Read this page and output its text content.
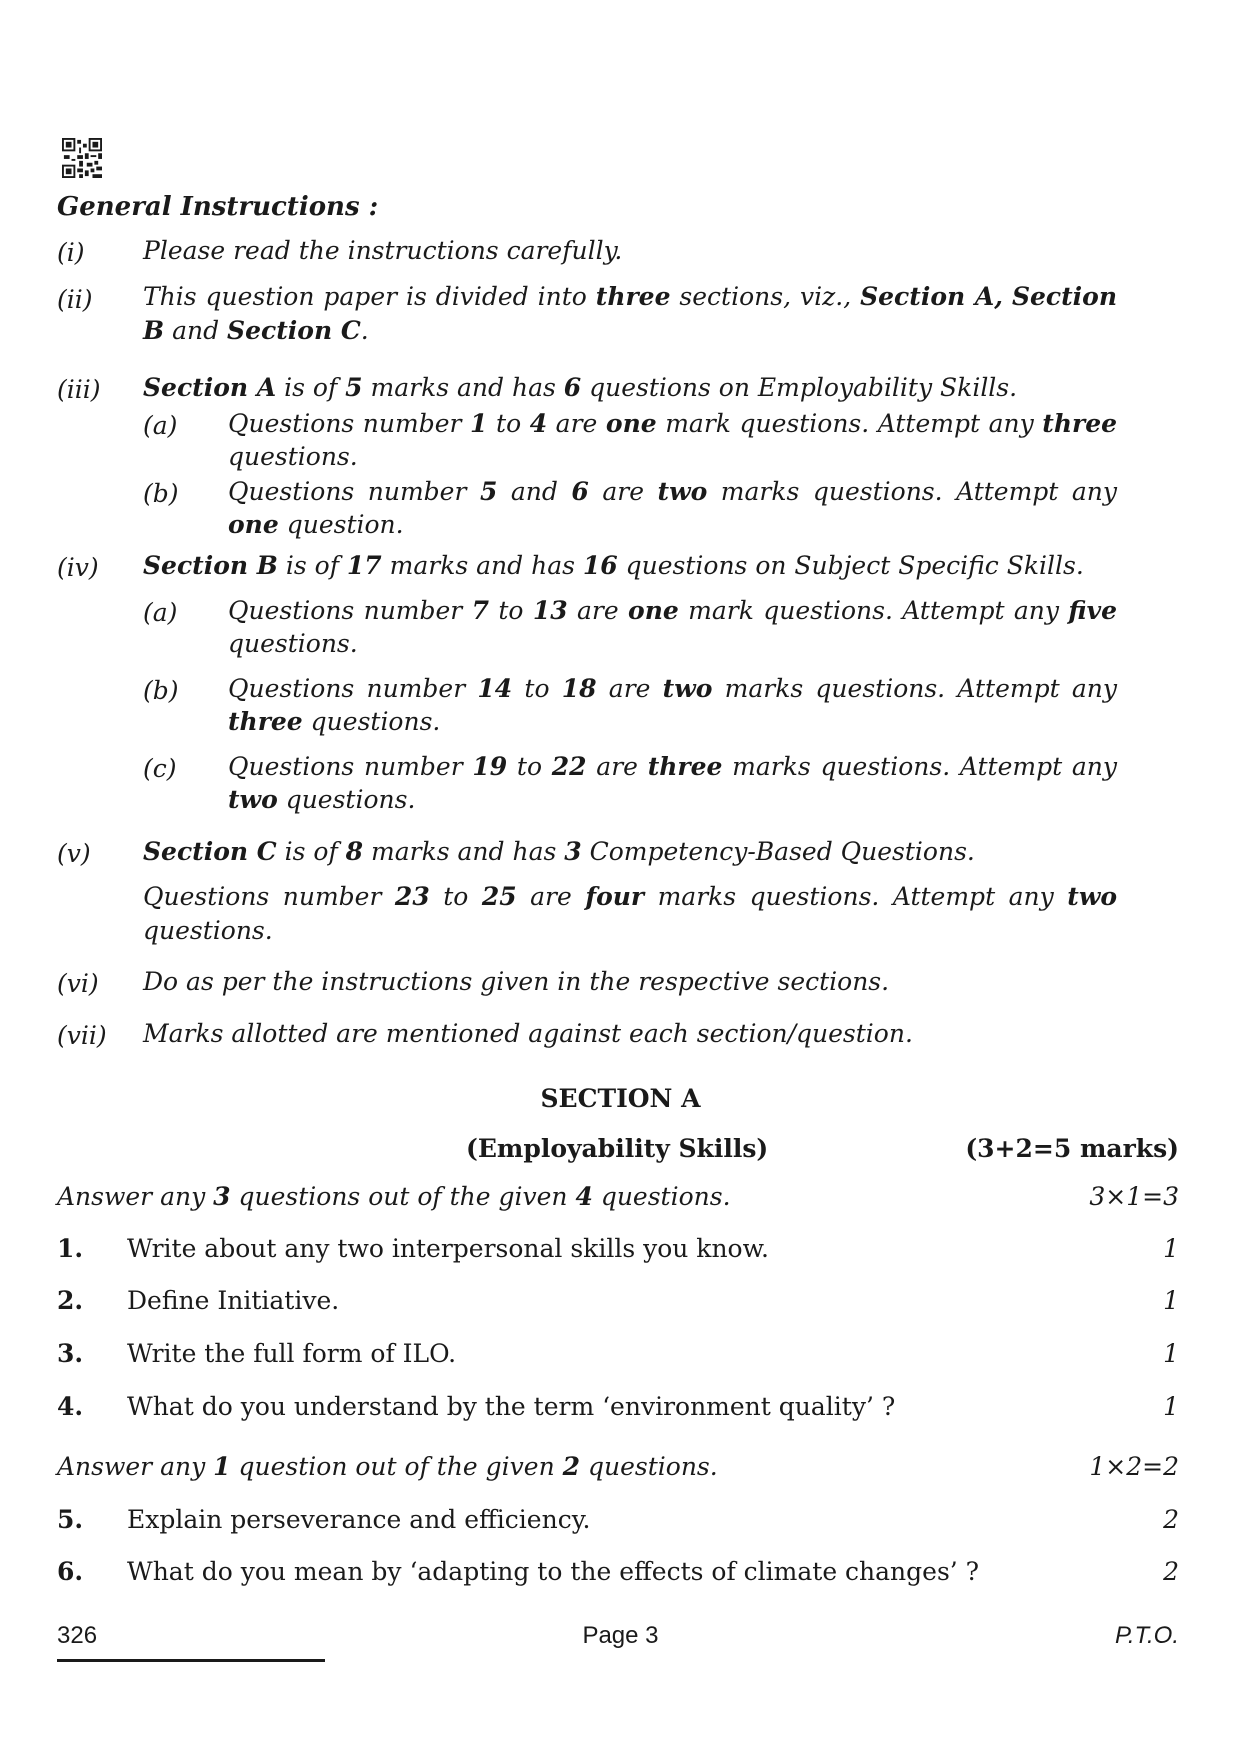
General Instructions :
(i) Please read the instructions carefully.
(ii) This question paper is divided into three sections, viz., Section A, Section B and Section C.
(iii) Section A is of 5 marks and has 6 questions on Employability Skills.
(a) Questions number 1 to 4 are one mark questions. Attempt any three questions.
(b) Questions number 5 and 6 are two marks questions. Attempt any one question.
(iv) Section B is of 17 marks and has 16 questions on Subject Specific Skills.
(a) Questions number 7 to 13 are one mark questions. Attempt any five questions.
(b) Questions number 14 to 18 are two marks questions. Attempt any three questions.
(c) Questions number 19 to 22 are three marks questions. Attempt any two questions.
(v) Section C is of 8 marks and has 3 Competency-Based Questions.
Questions number 23 to 25 are four marks questions. Attempt any two questions.
(vi) Do as per the instructions given in the respective sections.
(vii) Marks allotted are mentioned against each section/question.
SECTION A
(Employability Skills)	(3+2=5 marks)
Answer any 3 questions out of the given 4 questions.	3×1=3
1. Write about any two interpersonal skills you know.	1
2. Define Initiative.	1
3. Write the full form of ILO.	1
4. What do you understand by the term ‘environment quality’ ?	1
Answer any 1 question out of the given 2 questions.	1×2=2
5. Explain perseverance and efficiency.	2
6. What do you mean by ‘adapting to the effects of climate changes’ ?	2
326	Page 3	P.T.O.
